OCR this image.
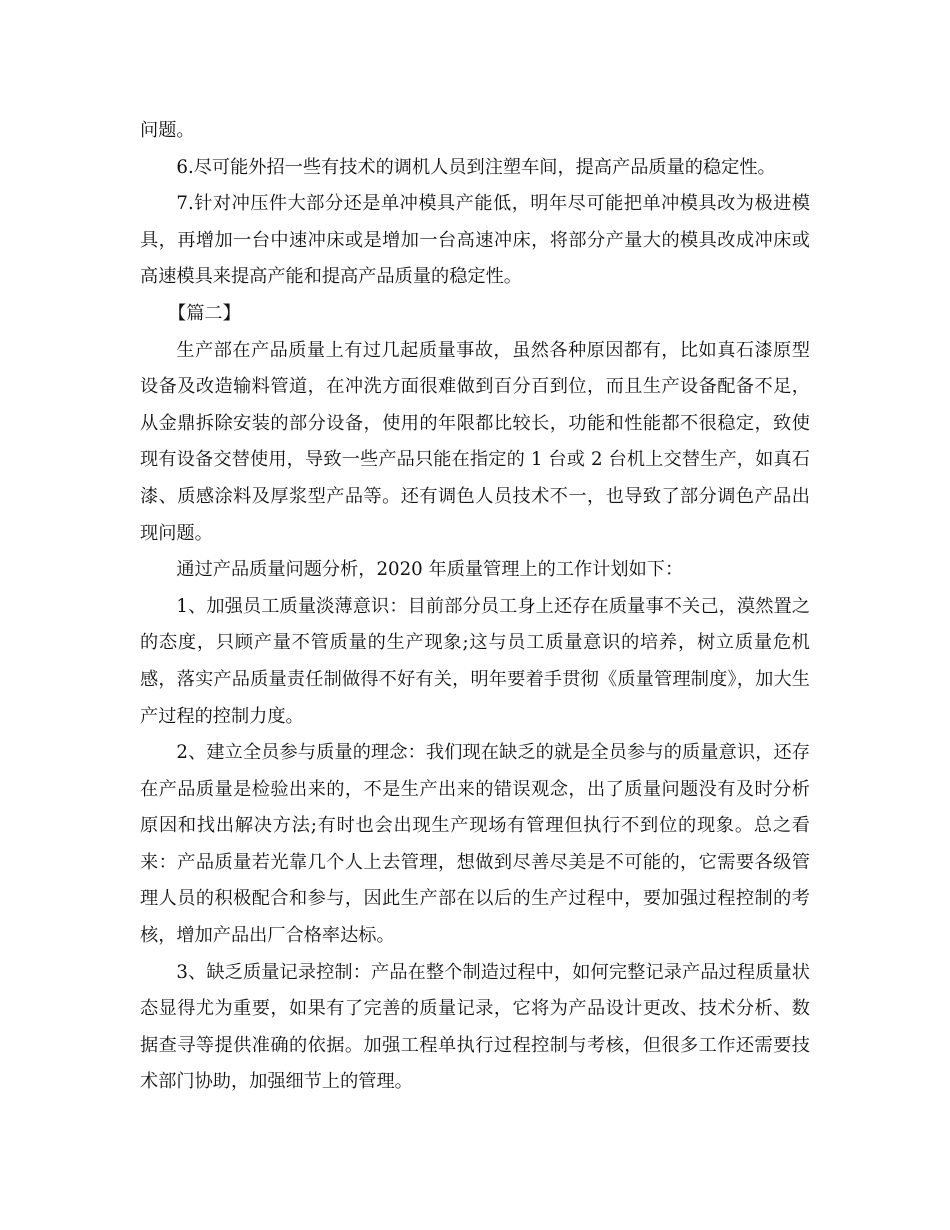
问题。

6.尽可能外招一些有技术的调机人员到注塑车间，提高产品质量的稳定性。

7.针对冲压件大部分还是单冲模具产能低，明年尽可能把单冲模具改为极进模具，再增加一台中速冲床或是增加一台高速冲床，将部分产量大的模具改成冲床或高速模具来提高产能和提高产品质量的稳定性。

【篇二】

生产部在产品质量上有过几起质量事故，虽然各种原因都有，比如真石漆原型设备及改造输料管道，在冲洗方面很难做到百分百到位，而且生产设备配备不足，从金鼎拆除安装的部分设备，使用的年限都比较长，功能和性能都不很稳定，致使现有设备交替使用，导致一些产品只能在指定的 1 台或 2 台机上交替生产，如真石漆、质感涂料及厚浆型产品等。还有调色人员技术不一，也导致了部分调色产品出现问题。

通过产品质量问题分析，2020 年质量管理上的工作计划如下：

1、加强员工质量淡薄意识：目前部分员工身上还存在质量事不关己，漠然置之的态度，只顾产量不管质量的生产现象;这与员工质量意识的培养，树立质量危机感，落实产品质量责任制做得不好有关，明年要着手贯彻《质量管理制度》，加大生产过程的控制力度。

2、建立全员参与质量的理念：我们现在缺乏的就是全员参与的质量意识，还存在产品质量是检验出来的，不是生产出来的错误观念，出了质量问题没有及时分析原因和找出解决方法;有时也会出现生产现场有管理但执行不到位的现象。总之看来：产品质量若光靠几个人上去管理，想做到尽善尽美是不可能的，它需要各级管理人员的积极配合和参与，因此生产部在以后的生产过程中，要加强过程控制的考核，增加产品出厂合格率达标。

3、缺乏质量记录控制：产品在整个制造过程中，如何完整记录产品过程质量状态显得尤为重要，如果有了完善的质量记录，它将为产品设计更改、技术分析、数据查寻等提供准确的依据。加强工程单执行过程控制与考核，但很多工作还需要技术部门协助，加强细节上的管理。
